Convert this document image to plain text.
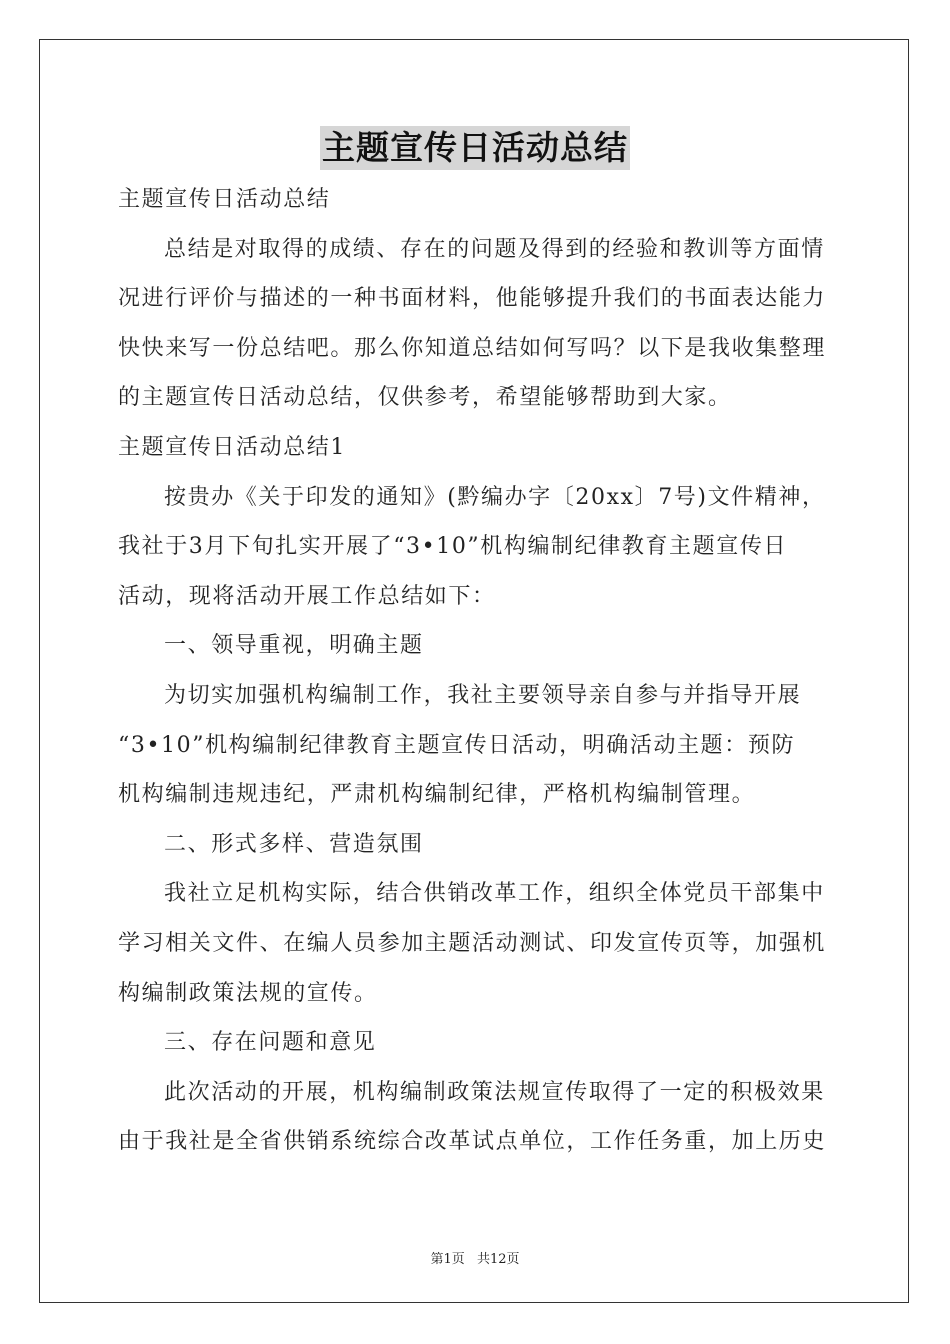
主题宣传日活动总结
主题宣传日活动总结
总结是对取得的成绩、存在的问题及得到的经验和教训等方面情
况进行评价与描述的一种书面材料，他能够提升我们的书面表达能力
快快来写一份总结吧。那么你知道总结如何写吗？以下是我收集整理
的主题宣传日活动总结，仅供参考，希望能够帮助到大家。
主题宣传日活动总结1
按贵办《关于印发的通知》(黔编办字〔20xx〕7号)文件精神，
我社于3月下旬扎实开展了“3•10”机构编制纪律教育主题宣传日
活动，现将活动开展工作总结如下：
一、领导重视，明确主题
为切实加强机构编制工作，我社主要领导亲自参与并指导开展
“3•10”机构编制纪律教育主题宣传日活动，明确活动主题：预防
机构编制违规违纪，严肃机构编制纪律，严格机构编制管理。
二、形式多样、营造氛围
我社立足机构实际，结合供销改革工作，组织全体党员干部集中
学习相关文件、在编人员参加主题活动测试、印发宣传页等，加强机
构编制政策法规的宣传。
三、存在问题和意见
此次活动的开展，机构编制政策法规宣传取得了一定的积极效果
由于我社是全省供销系统综合改革试点单位，工作任务重，加上历史
第1页 共12页
